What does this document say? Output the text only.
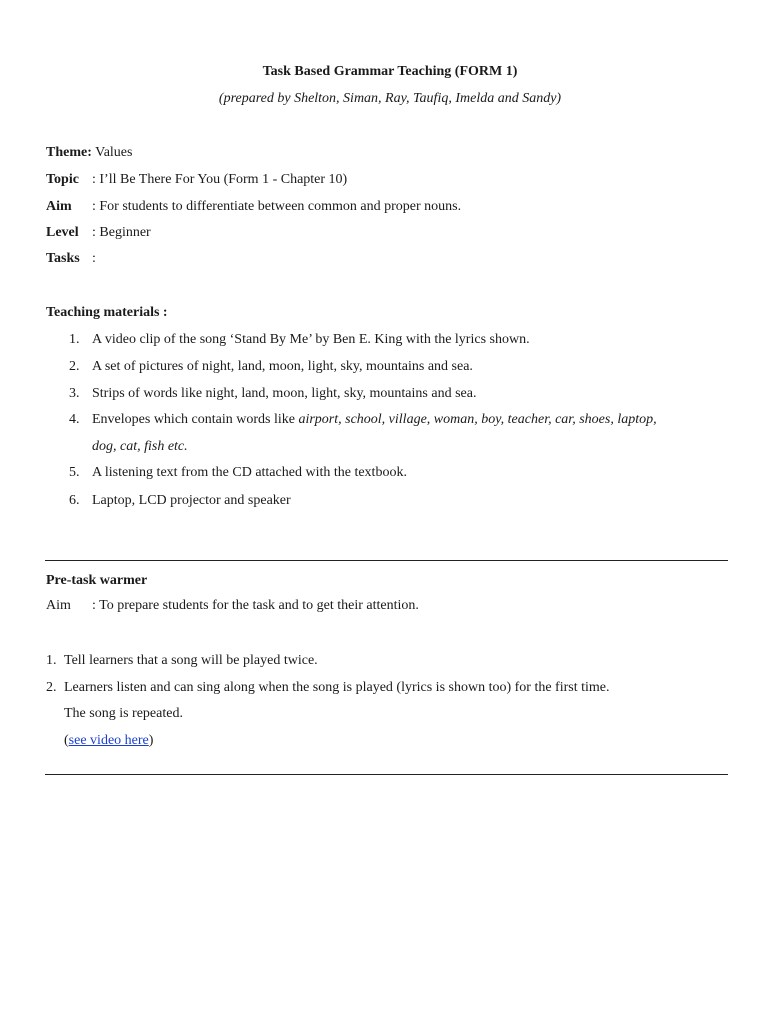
Task Based Grammar Teaching (FORM 1)
(prepared by Shelton, Siman, Ray, Taufiq, Imelda and Sandy)
Theme: Values
Topic : I’ll Be There For You (Form 1 - Chapter 10)
Aim : For students to differentiate between common and proper nouns.
Level : Beginner
Tasks :
Teaching materials :
1. A video clip of the song ‘Stand By Me’ by Ben E. King with the lyrics shown.
2. A set of pictures of night, land, moon, light, sky, mountains and sea.
3. Strips of words like night, land, moon, light, sky, mountains and sea.
4. Envelopes which contain words like airport, school, village, woman, boy, teacher, car, shoes, laptop,
dog, cat, fish etc.
5. A listening text from the CD attached with the textbook.
6. Laptop, LCD projector and speaker
Pre-task warmer
Aim : To prepare students for the task and to get their attention.
1. Tell learners that a song will be played twice.
2. Learners listen and can sing along when the song is played (lyrics is shown too) for the first time.
The song is repeated.
(see video here)
